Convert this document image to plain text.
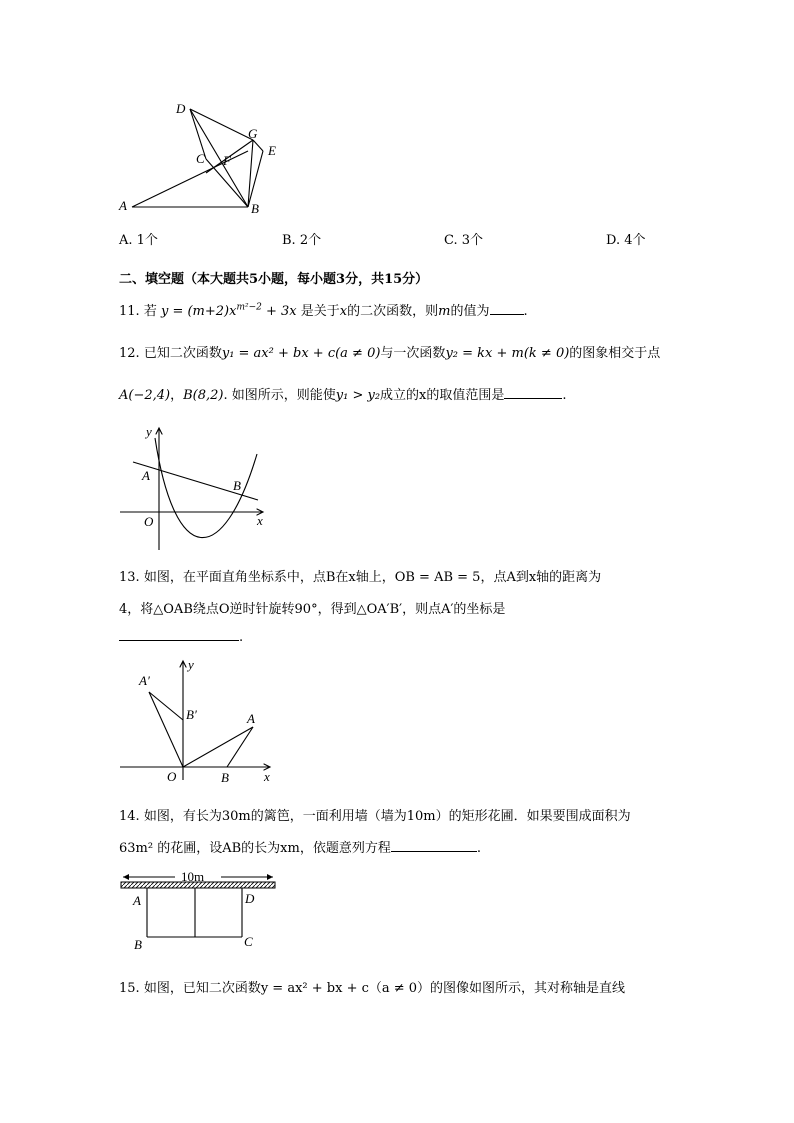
D
G
E
C F
A	B
A. 1个	B. 2个	C. 3个	D. 4个
二、填空题（本大题共5小题，每小题3分，共15分）
11. 若 $y = (m+2)x^{m^2-2} + 3x$ 是关于x的二次函数，则m的值为	.
12. 已知二次函数y₁ = ax² + bx + c(a ≠ 0)与一次函数y₂ = kx + m(k ≠ 0)的图象相交于点
A(−2,4)，B(8,2). 如图所示，则能使y₁ > y₂成立的x的取值范围是	.
y
x
A
B
O
13. 如图，在平面直角坐标系中，点B在x轴上，OB = AB = 5，点A到x轴的距离为
4，将△OAB绕点O逆时针旋转90°，得到△OA′B′，则点A′的坐标是
.
A′
B′	A
O	B	x
y
14. 如图，有长为30m的篱笆，一面利用墙（墙为10m）的矩形花圃．如果要围成面积为
63m² 的花圃，设AB的长为xm，依题意列方程	.
10m
A	D
B	C
15. 如图，已知二次函数y = ax² + bx + c（a ≠ 0）的图像如图所示，其对称轴是直线
